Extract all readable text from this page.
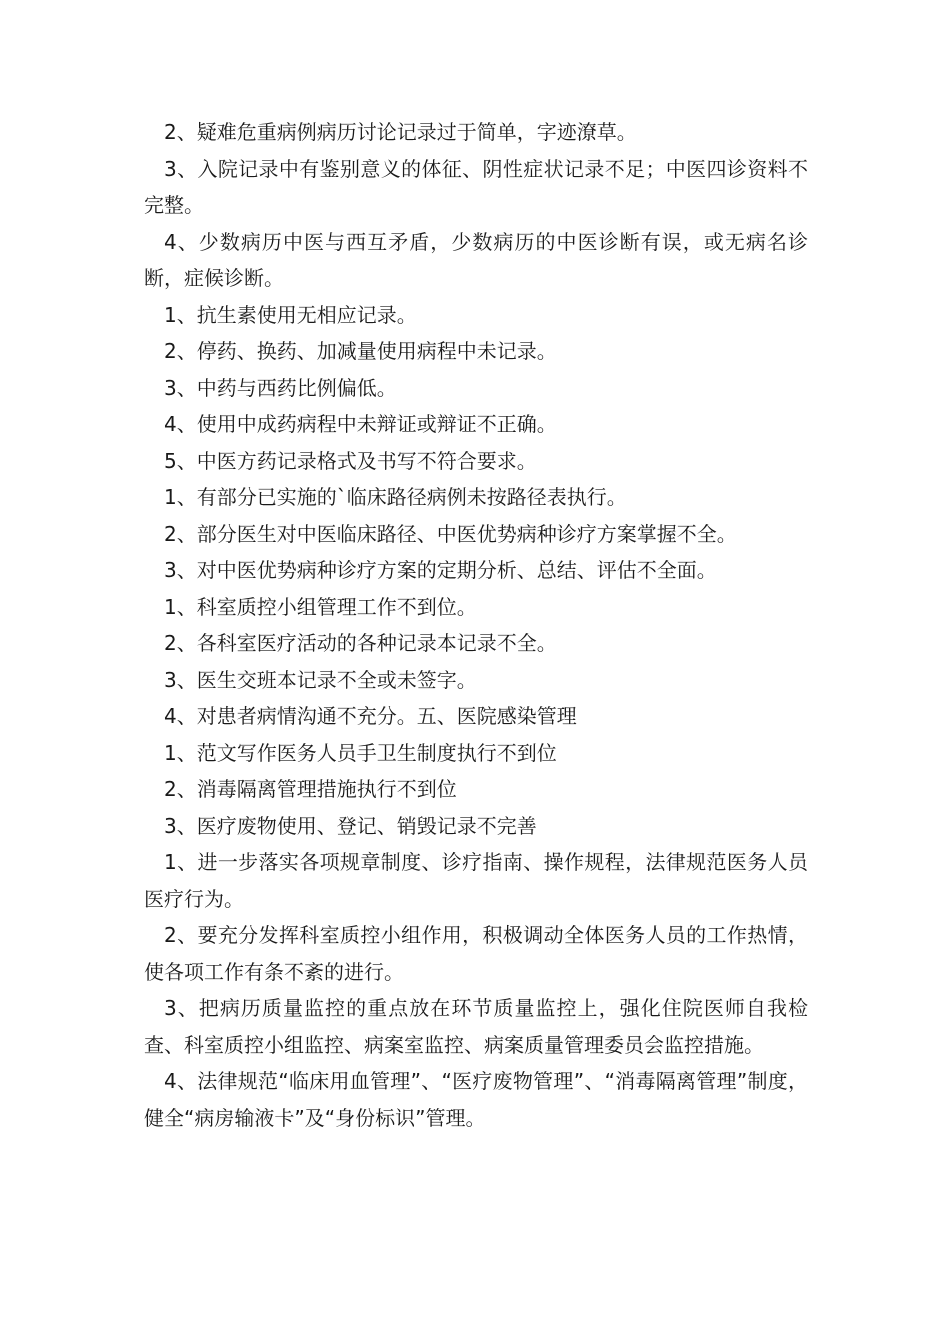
2、疑难危重病例病历讨论记录过于简单，字迹潦草。

3、入院记录中有鉴别意义的体征、阴性症状记录不足；中医四诊资料不完整。

4、少数病历中医与西互矛盾，少数病历的中医诊断有误，或无病名诊断，症候诊断。

1、抗生素使用无相应记录。

2、停药、换药、加减量使用病程中未记录。

3、中药与西药比例偏低。

4、使用中成药病程中未辩证或辩证不正确。

5、中医方药记录格式及书写不符合要求。

1、有部分已实施的`临床路径病例未按路径表执行。

2、部分医生对中医临床路径、中医优势病种诊疗方案掌握不全。

3、对中医优势病种诊疗方案的定期分析、总结、评估不全面。

1、科室质控小组管理工作不到位。

2、各科室医疗活动的各种记录本记录不全。

3、医生交班本记录不全或未签字。

4、对患者病情沟通不充分。五、医院感染管理

1、范文写作医务人员手卫生制度执行不到位

2、消毒隔离管理措施执行不到位

3、医疗废物使用、登记、销毁记录不完善

1、进一步落实各项规章制度、诊疗指南、操作规程，法律规范医务人员医疗行为。

2、要充分发挥科室质控小组作用，积极调动全体医务人员的工作热情，使各项工作有条不紊的进行。

3、把病历质量监控的重点放在环节质量监控上，强化住院医师自我检查、科室质控小组监控、病案室监控、病案质量管理委员会监控措施。

4、法律规范“临床用血管理”、“医疗废物管理”、“消毒隔离管理”制度，健全“病房输液卡”及“身份标识”管理。
